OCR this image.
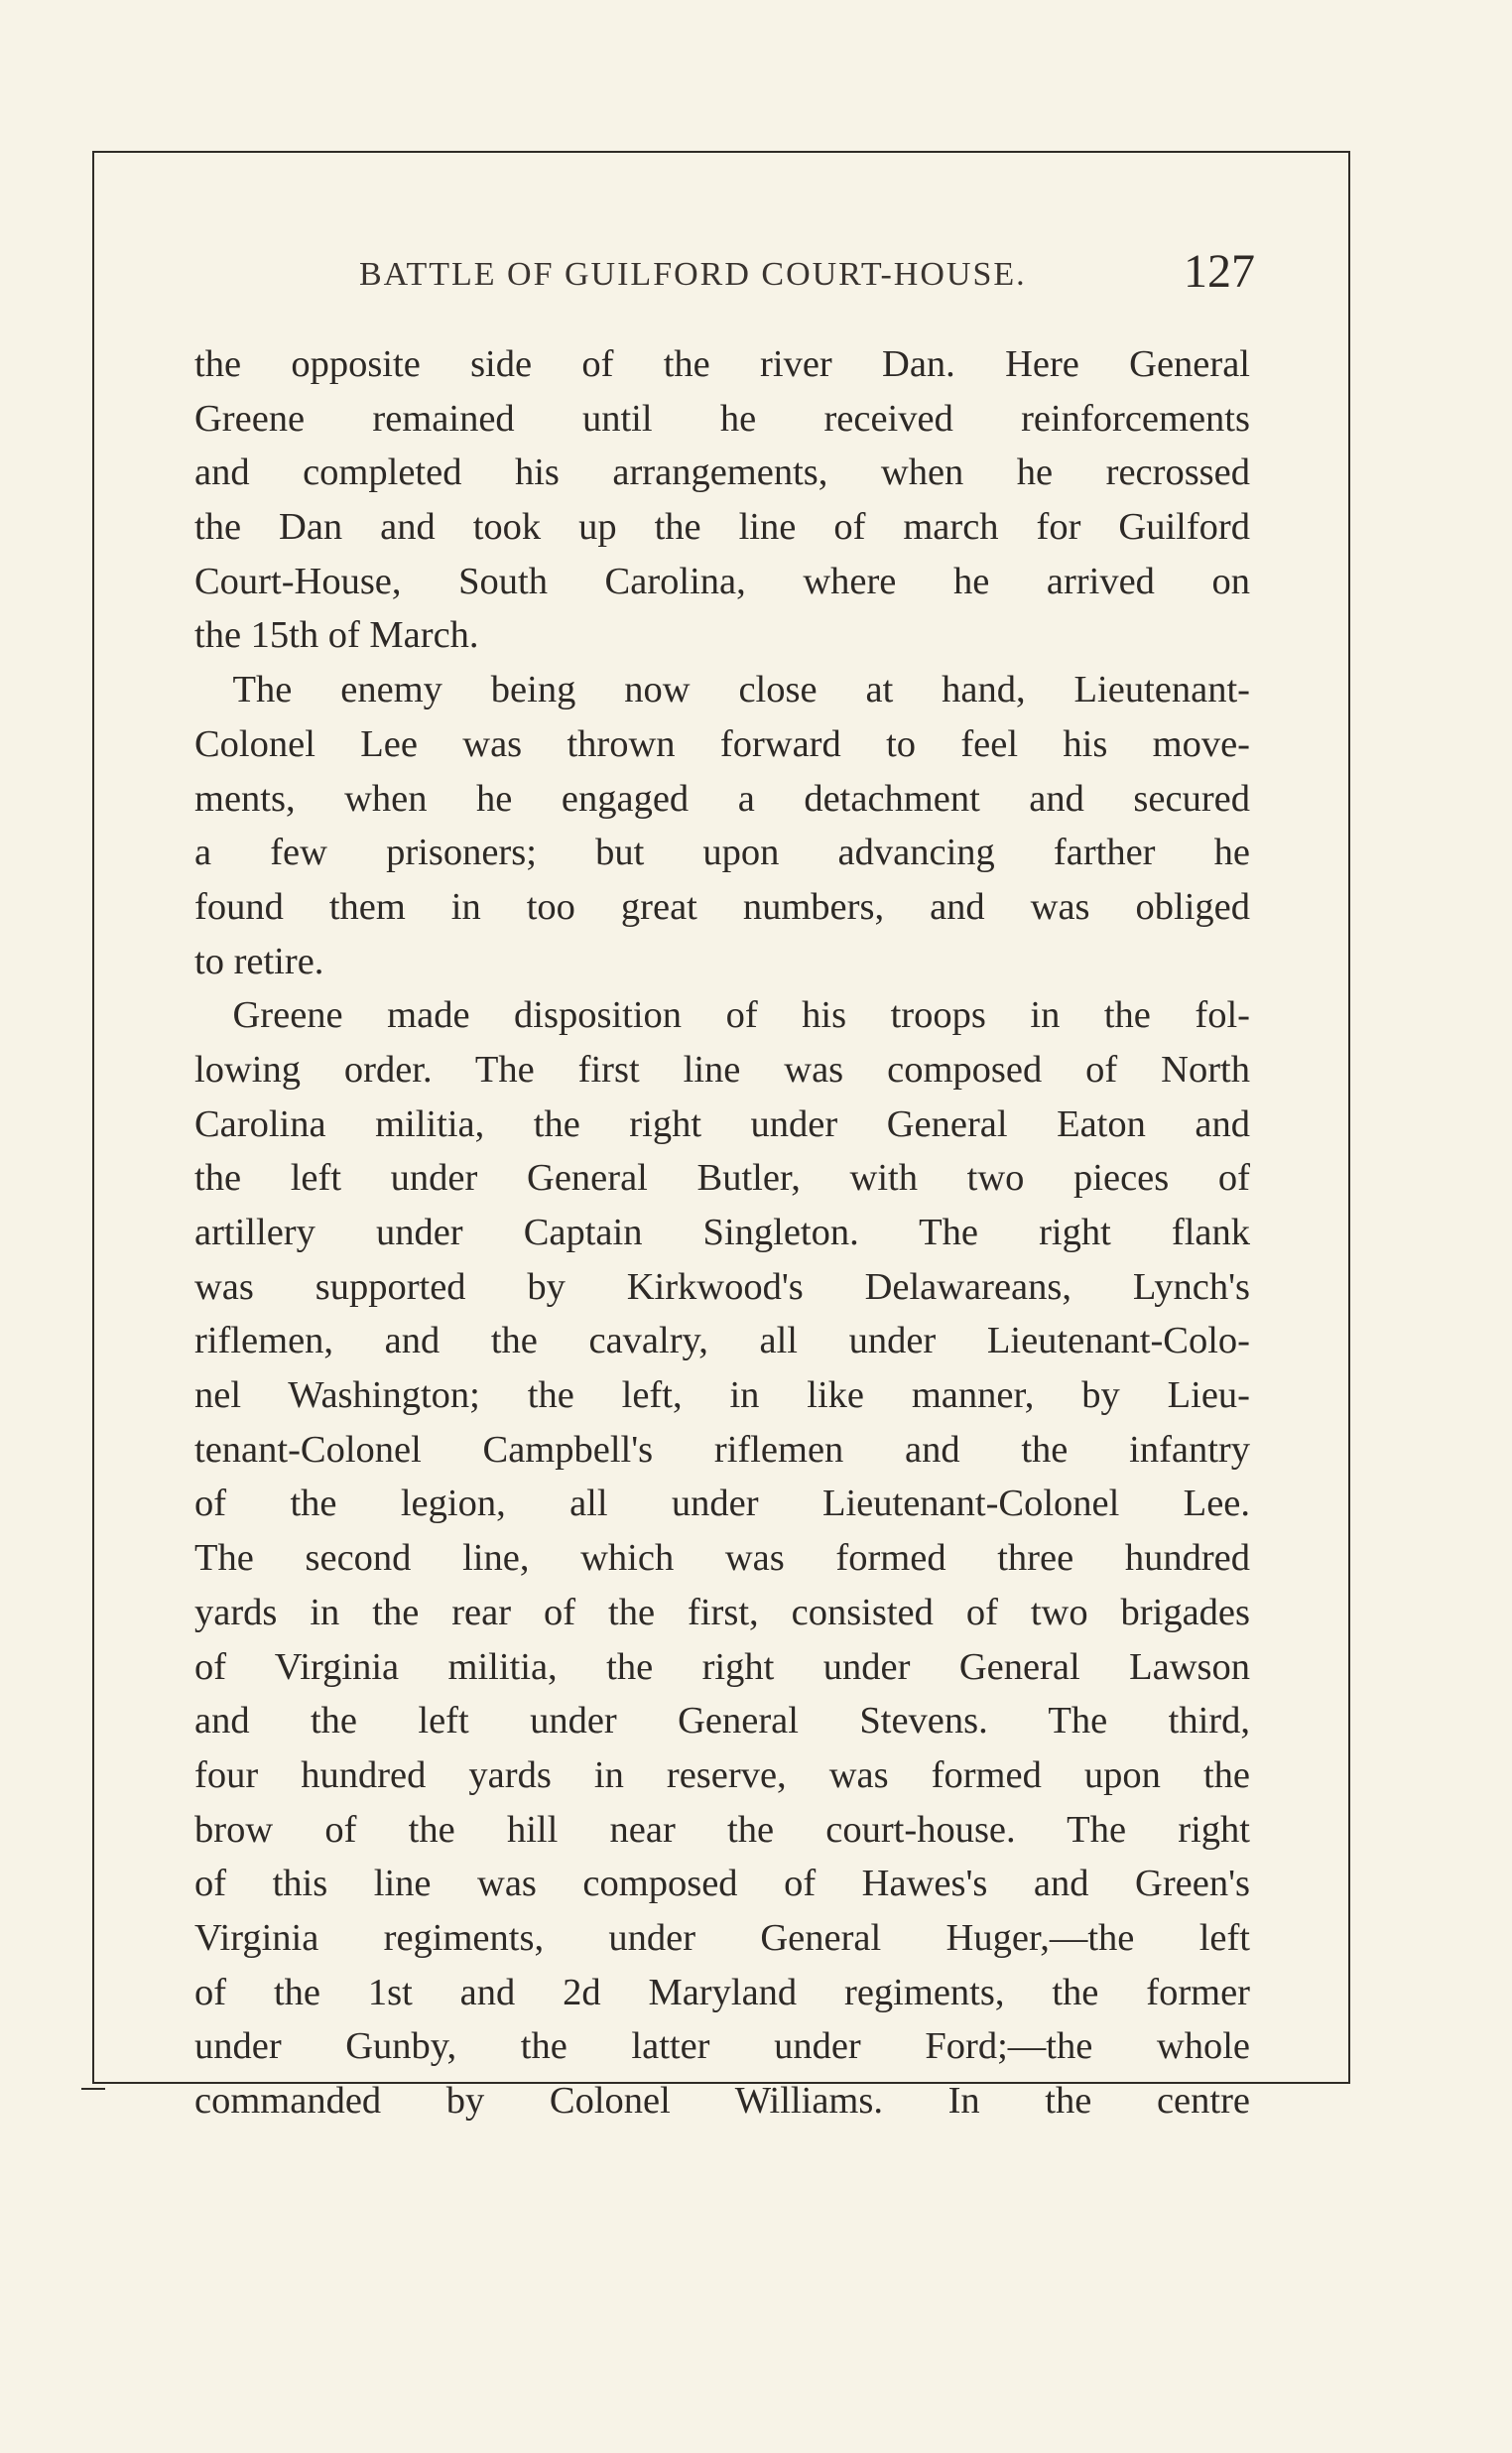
BATTLE OF GUILFORD COURT-HOUSE.	127
the opposite side of the river Dan. Here General
Greene remained until he received reinforcements
and completed his arrangements, when he recrossed
the Dan and took up the line of march for Guilford
Court-House, South Carolina, where he arrived on
the 15th of March.
 The enemy being now close at hand, Lieutenant-
Colonel Lee was thrown forward to feel his move-
ments, when he engaged a detachment and secured
a few prisoners; but upon advancing farther he
found them in too great numbers, and was obliged
to retire.
 Greene made disposition of his troops in the fol-
lowing order. The first line was composed of North
Carolina militia, the right under General Eaton and
the left under General Butler, with two pieces of
artillery under Captain Singleton. The right flank
was supported by Kirkwood's Delawareans, Lynch's
riflemen, and the cavalry, all under Lieutenant-Colo-
nel Washington; the left, in like manner, by Lieu-
tenant-Colonel Campbell's riflemen and the infantry
of the legion, all under Lieutenant-Colonel Lee.
The second line, which was formed three hundred
yards in the rear of the first, consisted of two brigades
of Virginia militia, the right under General Lawson
and the left under General Stevens. The third,
four hundred yards in reserve, was formed upon the
brow of the hill near the court-house. The right
of this line was composed of Hawes's and Green's
Virginia regiments, under General Huger,—the left
of the 1st and 2d Maryland regiments, the former
under Gunby, the latter under Ford;—the whole
commanded by Colonel Williams. In the centre
